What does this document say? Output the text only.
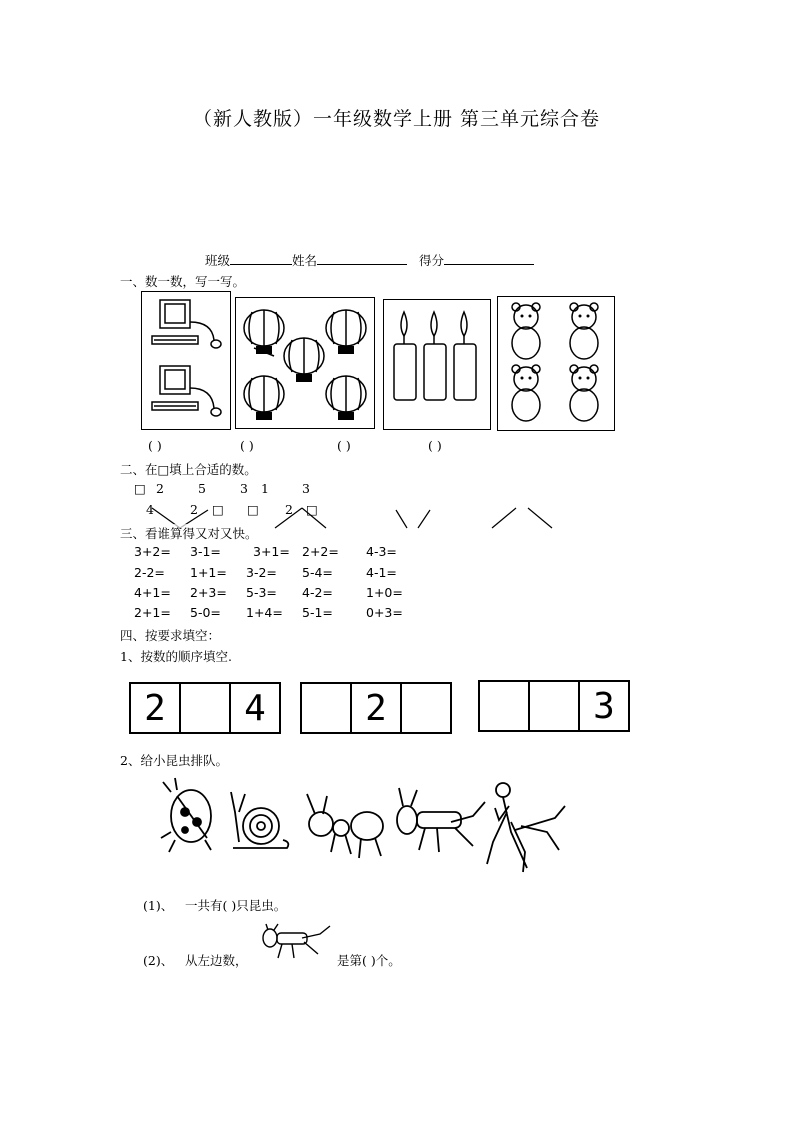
（新人教版）一年级数学上册 第三单元综合卷
班级	姓名	得分
一、数一数，写一写。
( )	( )	( )	( )
二、在□填上合适的数。
□ 2	5	3 1	3
4	2 □ □ 2 □
三、看谁算得又对又快。
3+2= 3-1=	3+1= 2+2= 4-3=
2-2= 1+1= 3-2= 5-4=	4-1=
4+1= 2+3= 5-3= 4-2=	1+0=
2+1= 5-0= 1+4= 5-1=	0+3=
四、按要求填空：
1、按数的顺序填空.
2	4	2	3
2、给小昆虫排队。
(1)、 一共有( )只昆虫。
(2)、 从左边数，	是第( )个。
